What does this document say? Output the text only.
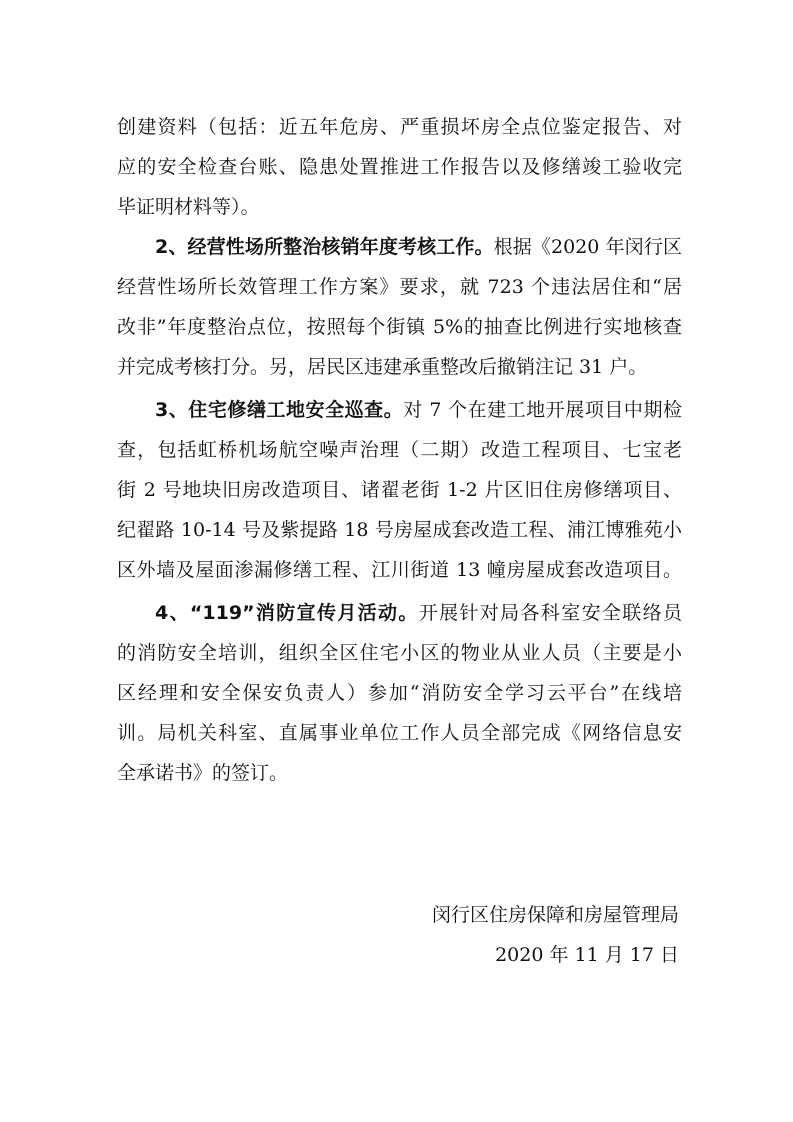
创建资料（包括：近五年危房、严重损坏房全点位鉴定报告、对
应的安全检查台账、隐患处置推进工作报告以及修缮竣工验收完
毕证明材料等）。
2、经营性场所整治核销年度考核工作。根据《2020 年闵行区
经营性场所长效管理工作方案》要求，就 723 个违法居住和“居
改非”年度整治点位，按照每个街镇 5%的抽查比例进行实地核查
并完成考核打分。另，居民区违建承重整改后撤销注记 31 户。
3、住宅修缮工地安全巡查。对 7 个在建工地开展项目中期检
查，包括虹桥机场航空噪声治理（二期）改造工程项目、七宝老
街 2 号地块旧房改造项目、诸翟老街 1-2 片区旧住房修缮项目、
纪翟路 10-14 号及紫提路 18 号房屋成套改造工程、浦江博雅苑小
区外墙及屋面渗漏修缮工程、江川街道 13 幢房屋成套改造项目。
4、“119”消防宣传月活动。开展针对局各科室安全联络员
的消防安全培训，组织全区住宅小区的物业从业人员（主要是小
区经理和安全保安负责人）参加“消防安全学习云平台”在线培
训。局机关科室、直属事业单位工作人员全部完成《网络信息安
全承诺书》的签订。
闵行区住房保障和房屋管理局
2020 年 11 月 17 日
